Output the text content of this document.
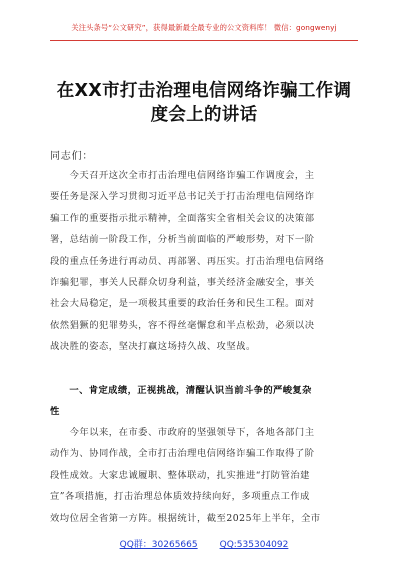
关注头条号“公文研究”，获得最新最全最专业的公文资料库！ 微信：gongwenyj
在XX市打击治理电信网络诈骗工作调
度会上的讲话
同志们：
　　今天召开这次全市打击治理电信网络诈骗工作调度会，主
要任务是深入学习贯彻习近平总书记关于打击治理电信网络诈
骗工作的重要指示批示精神，全面落实全省相关会议的决策部
署，总结前一阶段工作，分析当前面临的严峻形势，对下一阶
段的重点任务进行再动员、再部署、再压实。打击治理电信网络
诈骗犯罪，事关人民群众切身利益，事关经济金融安全，事关
社会大局稳定，是一项极其重要的政治任务和民生工程。面对
依然猖獗的犯罪势头，容不得丝毫懈怠和半点松劲，必须以决
战决胜的姿态，坚决打赢这场持久战、攻坚战。
　　一、肯定成绩，正视挑战，清醒认识当前斗争的严峻复杂
性
　　今年以来，在市委、市政府的坚强领导下，各地各部门主
动作为、协同作战，全市打击治理电信网络诈骗工作取得了阶
段性成效。大家忠诚履职、整体联动，扎实推进“打防管治建
宣”各项措施，打击治理总体质效持续向好，多项重点工作成
效均位居全省第一方阵。根据统计，截至2025年上半年，全市
QQ群：30265665 QQ:535304092
